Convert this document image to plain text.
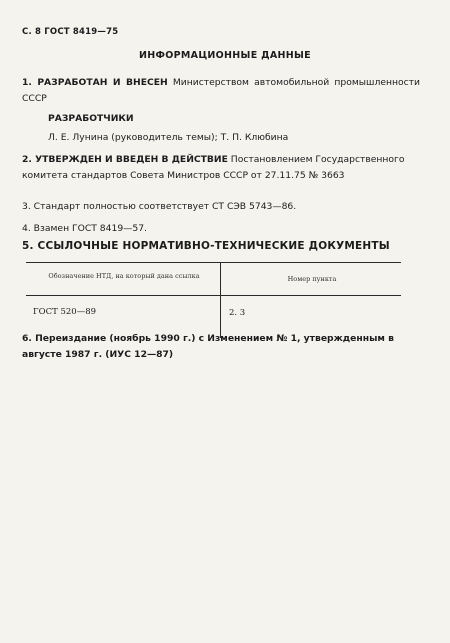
С. 8 ГОСТ 8419—75
ИНФОРМАЦИОННЫЕ ДАННЫЕ
1. РАЗРАБОТАН И ВНЕСЕН Министерством автомобильной промышленности СССР
РАЗРАБОТЧИКИ
Л. Е. Лунина (руководитель темы); Т. П. Клюбина
2. УТВЕРЖДЕН И ВВЕДЕН В ДЕЙСТВИЕ Постановлением Государственного комитета стандартов Совета Министров СССР от 27.11.75 № 3663
3. Стандарт полностью соответствует СТ СЭВ 5743—86.
4. Взамен ГОСТ 8419—57.
5. ССЫЛОЧНЫЕ НОРМАТИВНО-ТЕХНИЧЕСКИЕ ДОКУМЕНТЫ
Обозначение НТД, на который дана ссылка	Номер пункта
ГОСТ 520—89	2. 3
6. Переиздание (ноябрь 1990 г.) с Изменением № 1, утвержденным в августе 1987 г. (ИУС 12—87)
